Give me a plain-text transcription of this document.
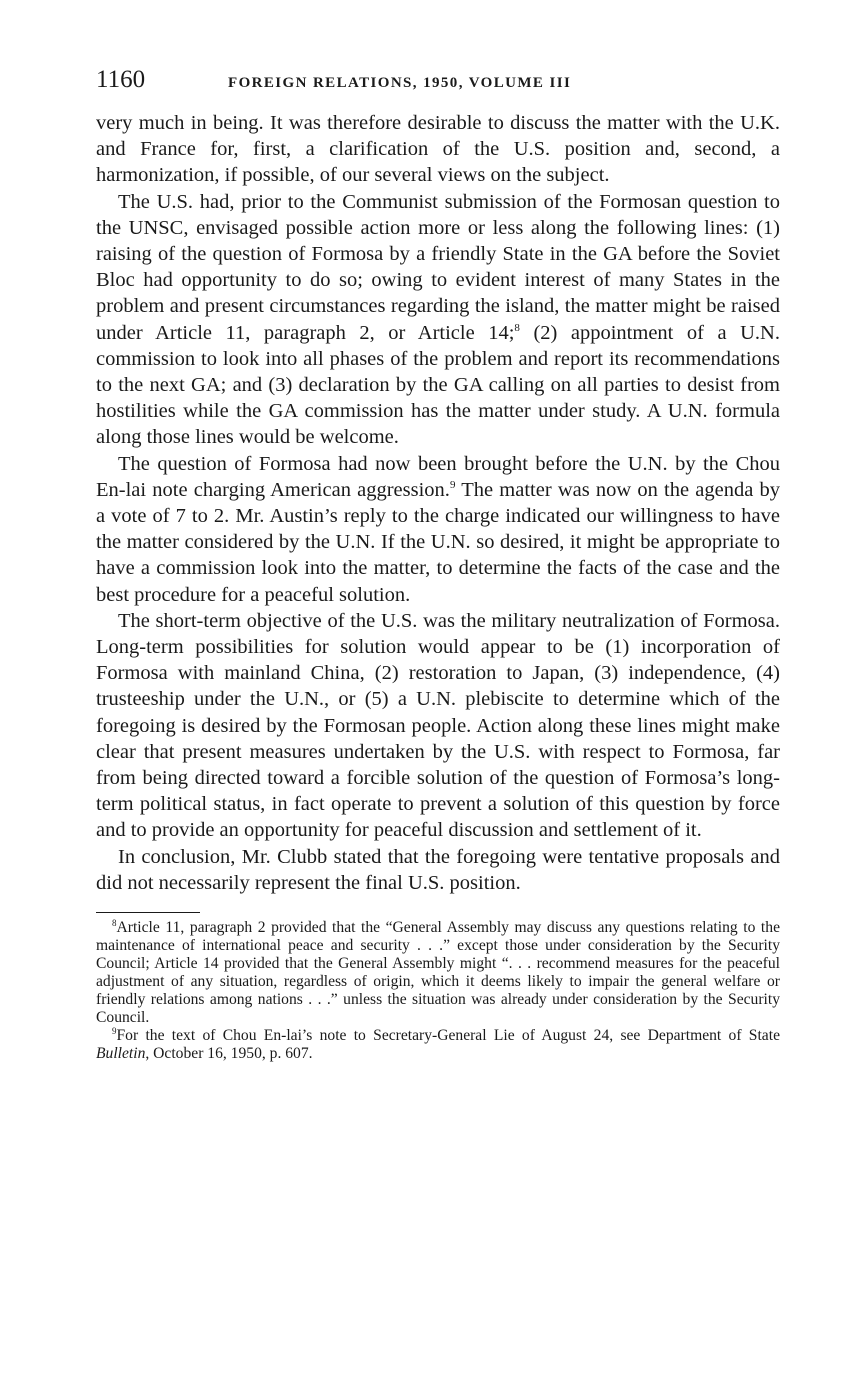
1160	FOREIGN RELATIONS, 1950, VOLUME III

very much in being. It was therefore desirable to discuss the matter with the U.K. and France for, first, a clarification of the U.S. position and, second, a harmonization, if possible, of our several views on the subject.

The U.S. had, prior to the Communist submission of the Formosan question to the UNSC, envisaged possible action more or less along the following lines: (1) raising of the question of Formosa by a friendly State in the GA before the Soviet Bloc had opportunity to do so; owing to evident interest of many States in the problem and present circumstances regarding the island, the matter might be raised under Article 11, paragraph 2, or Article 14;$^8$ (2) appointment of a U.N. commission to look into all phases of the problem and report its recommendations to the next GA; and (3) declaration by the GA calling on all parties to desist from hostilities while the GA commission has the matter under study. A U.N. formula along those lines would be welcome.

The question of Formosa had now been brought before the U.N. by the Chou En-lai note charging American aggression.$^9$ The matter was now on the agenda by a vote of 7 to 2. Mr. Austin’s reply to the charge indicated our willingness to have the matter considered by the U.N. If the U.N. so desired, it might be appropriate to have a commission look into the matter, to determine the facts of the case and the best procedure for a peaceful solution.

The short-term objective of the U.S. was the military neutralization of Formosa. Long-term possibilities for solution would appear to be (1) incorporation of Formosa with mainland China, (2) restoration to Japan, (3) independence, (4) trusteeship under the U.N., or (5) a U.N. plebiscite to determine which of the foregoing is desired by the Formosan people. Action along these lines might make clear that present measures undertaken by the U.S. with respect to Formosa, far from being directed toward a forcible solution of the question of Formosa’s long-term political status, in fact operate to prevent a solution of this question by force and to provide an opportunity for peaceful discussion and settlement of it.

In conclusion, Mr. Clubb stated that the foregoing were tentative proposals and did not necessarily represent the final U.S. position.

$^8$Article 11, paragraph 2 provided that the “General Assembly may discuss any questions relating to the maintenance of international peace and security . . .” except those under consideration by the Security Council; Article 14 provided that the General Assembly might “. . . recommend measures for the peaceful adjustment of any situation, regardless of origin, which it deems likely to impair the general welfare or friendly relations among nations . . .” unless the situation was already under consideration by the Security Council.

$^9$For the text of Chou En-lai’s note to Secretary-General Lie of August 24, see Department of State Bulletin, October 16, 1950, p. 607.
